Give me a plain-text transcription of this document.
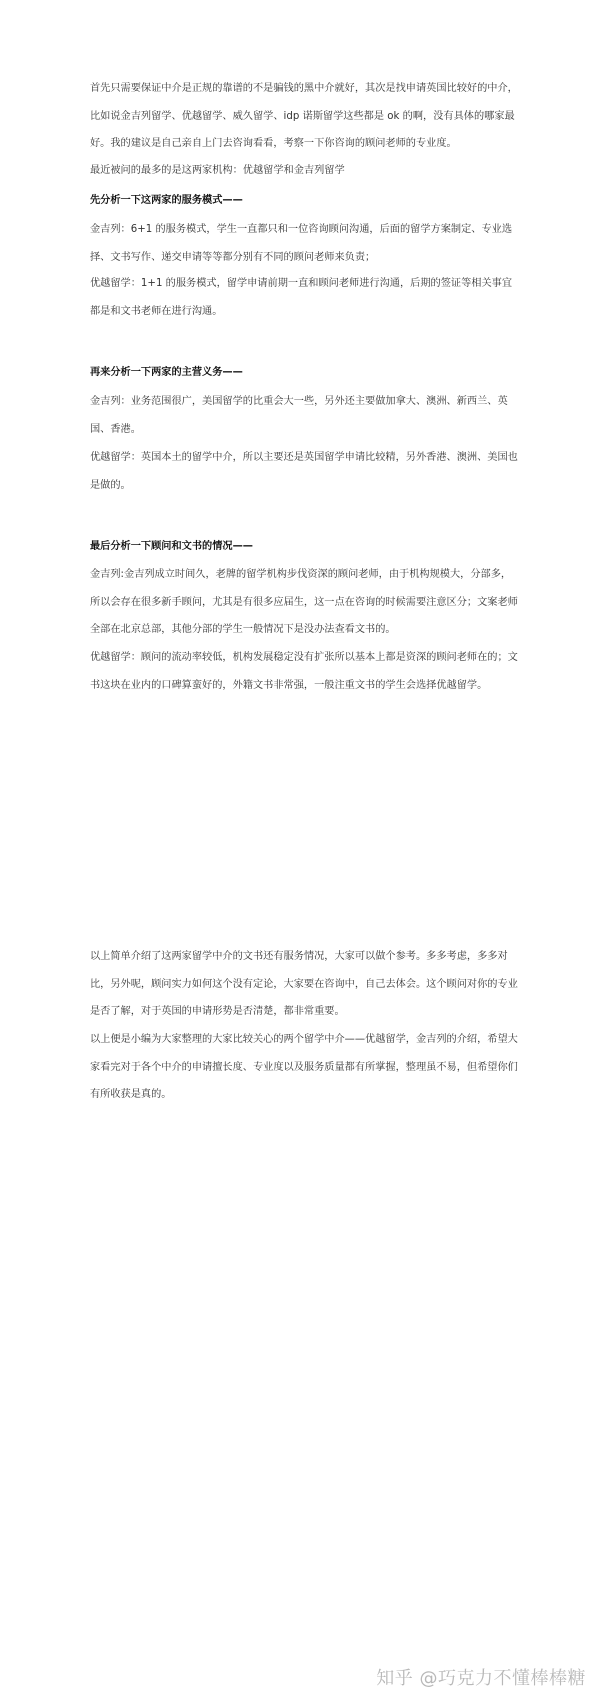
首先只需要保证中介是正规的靠谱的不是骗钱的黑中介就好，其次是找申请英国比较好的中介，比如说金吉列留学、优越留学、威久留学、idp 诺斯留学这些都是 ok 的啊，没有具体的哪家最好。我的建议是自己亲自上门去咨询看看，考察一下你咨询的顾问老师的专业度。

最近被问的最多的是这两家机构：优越留学和金吉列留学

先分析一下这两家的服务模式——

金吉列：6+1 的服务模式，学生一直都只和一位咨询顾问沟通，后面的留学方案制定、专业选择、文书写作、递交申请等等都分别有不同的顾问老师来负责；

优越留学：1+1 的服务模式，留学申请前期一直和顾问老师进行沟通，后期的签证等相关事宜都是和文书老师在进行沟通。

再来分析一下两家的主营义务——

金吉列：业务范围很广，美国留学的比重会大一些，另外还主要做加拿大、澳洲、新西兰、英国、香港。

优越留学：英国本土的留学中介，所以主要还是英国留学申请比较精，另外香港、澳洲、美国也是做的。

最后分析一下顾问和文书的情况——

金吉列:金吉列成立时间久，老牌的留学机构步伐资深的顾问老师，由于机构规模大，分部多，所以会存在很多新手顾问，尤其是有很多应届生，这一点在咨询的时候需要注意区分；文案老师全部在北京总部，其他分部的学生一般情况下是没办法查看文书的。

优越留学：顾问的流动率较低，机构发展稳定没有扩张所以基本上都是资深的顾问老师在的；文书这块在业内的口碑算蛮好的，外籍文书非常强，一般注重文书的学生会选择优越留学。

以上简单介绍了这两家留学中介的文书还有服务情况，大家可以做个参考。多多考虑，多多对比，另外呢，顾问实力如何这个没有定论，大家要在咨询中，自己去体会。这个顾问对你的专业是否了解，对于英国的申请形势是否清楚，都非常重要。

以上便是小编为大家整理的大家比较关心的两个留学中介——优越留学，金吉列的介绍，希望大家看完对于各个中介的申请擅长度、专业度以及服务质量都有所掌握，整理虽不易，但希望你们有所收获是真的。

知乎 @巧克力不懂棒棒糖
